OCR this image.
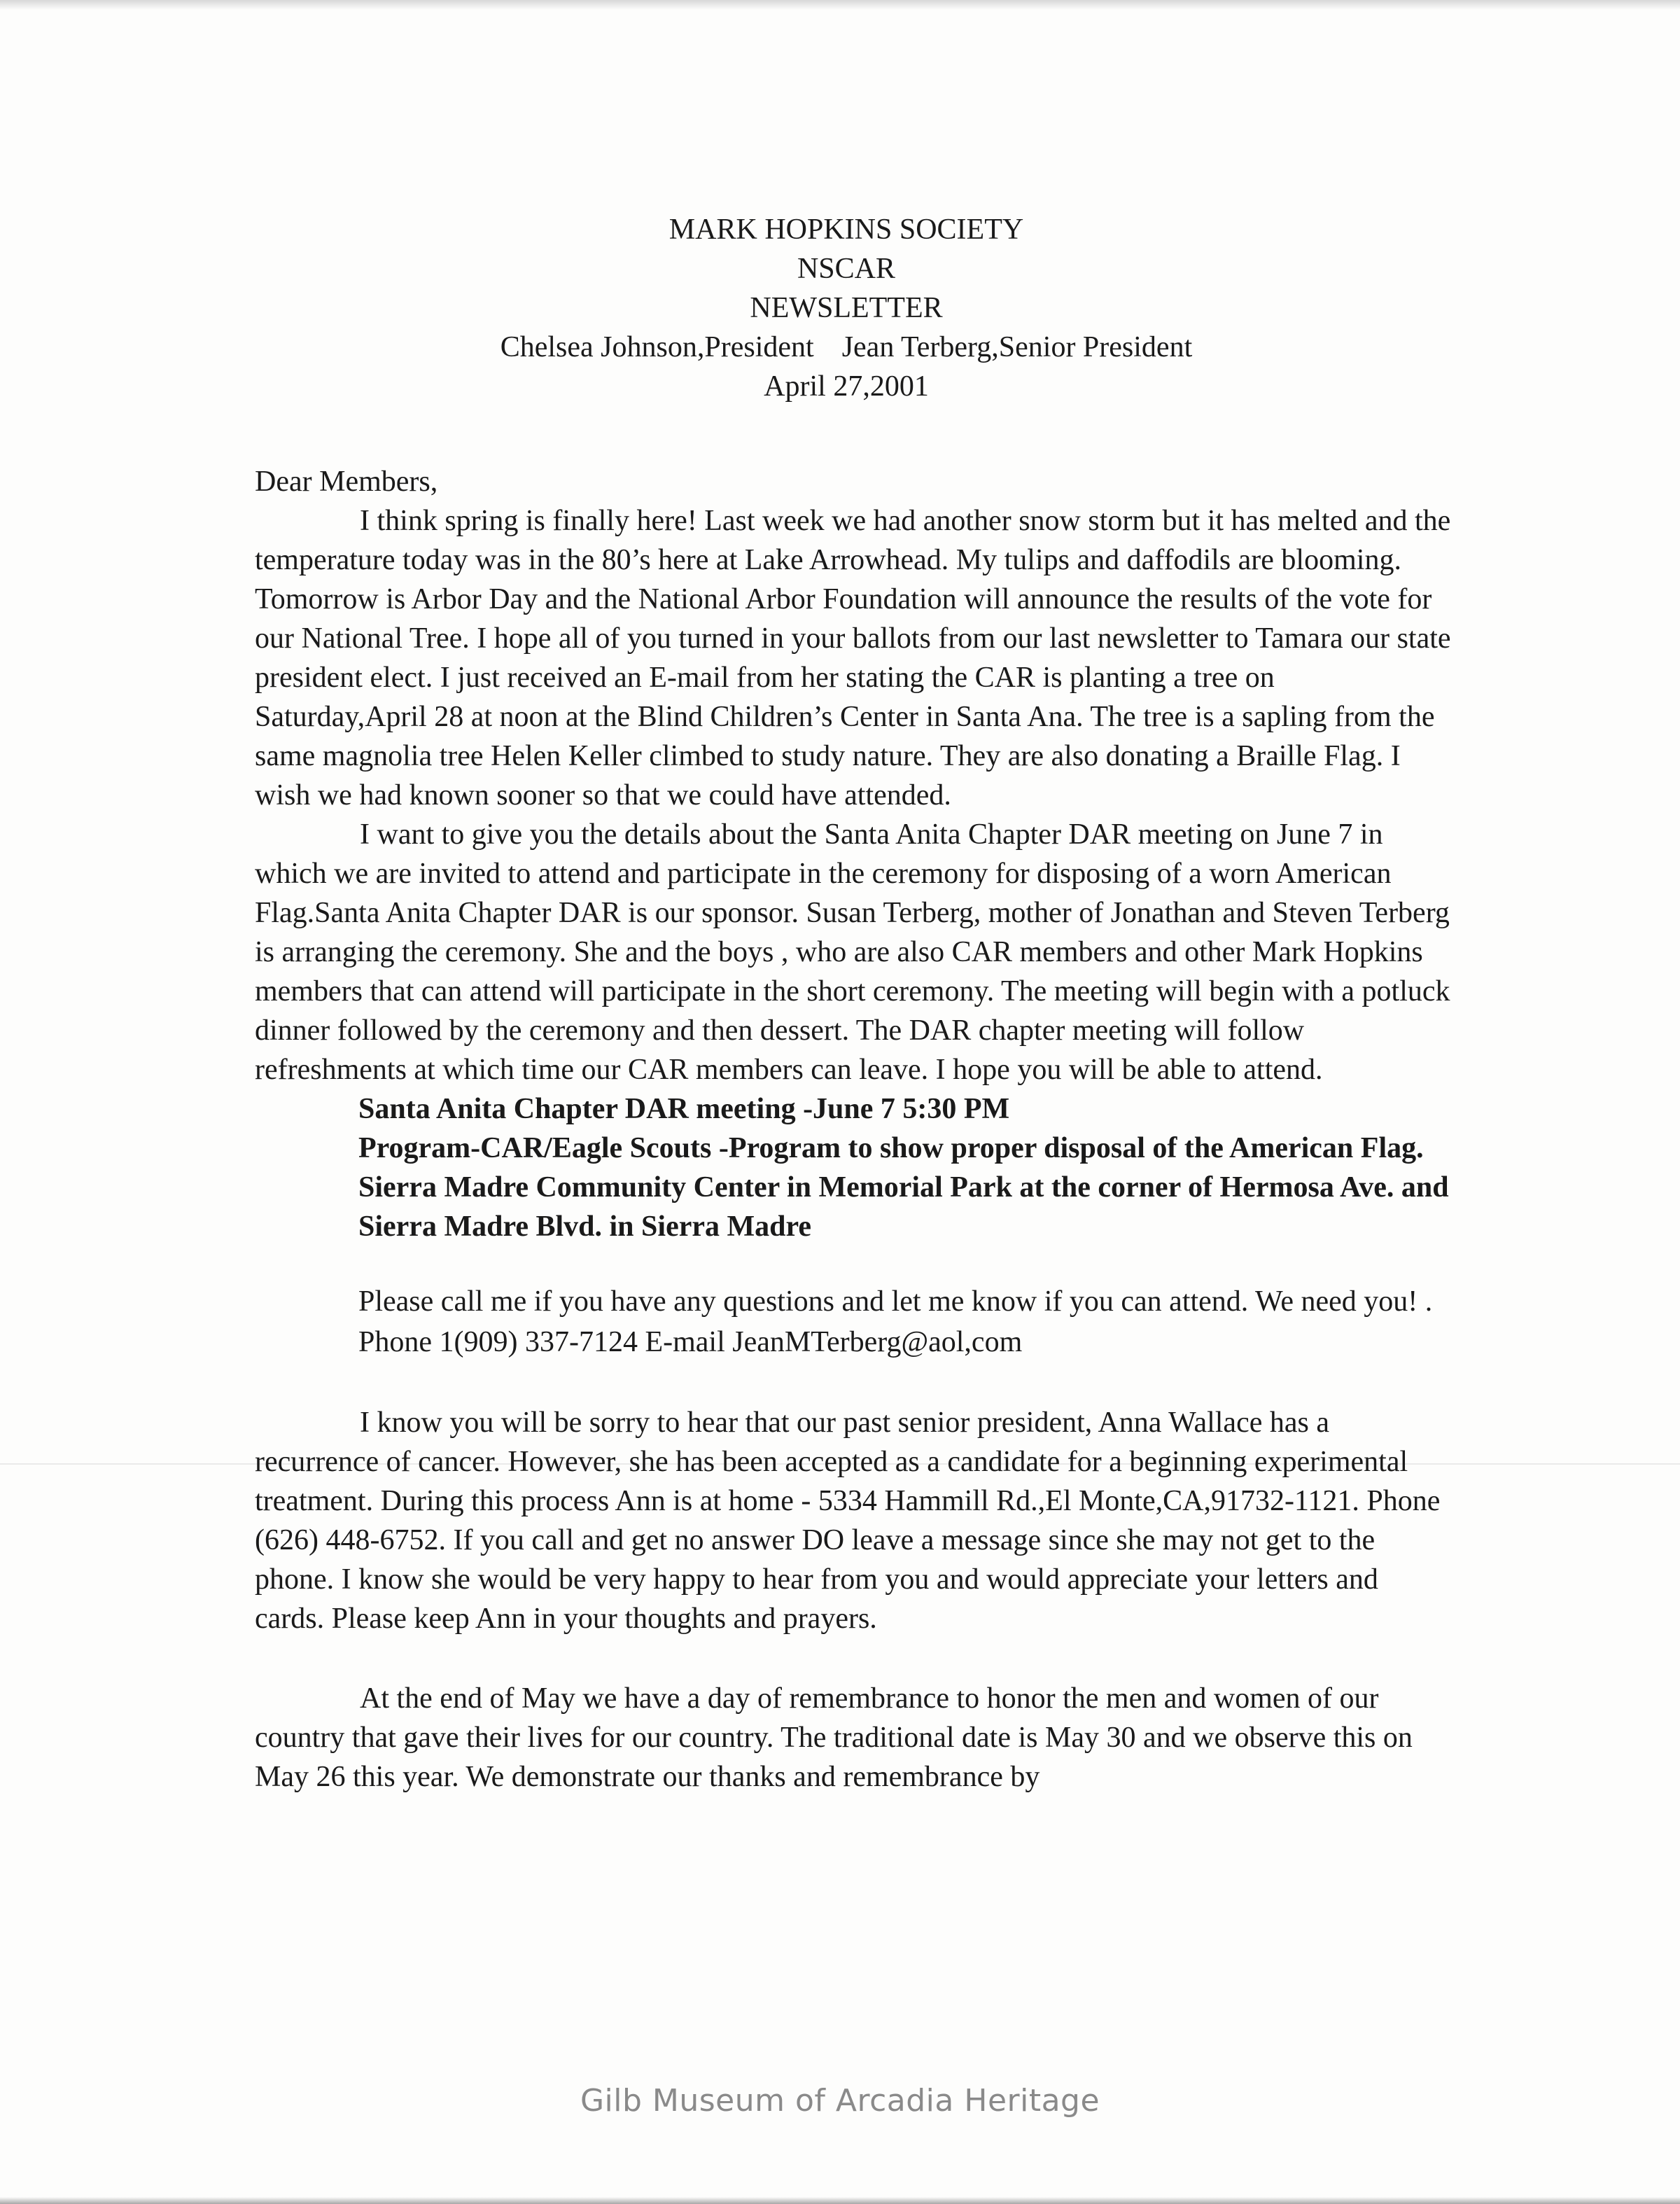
MARK HOPKINS SOCIETY
NSCAR
NEWSLETTER
Chelsea Johnson,President Jean Terberg,Senior President
April 27,2001
Dear Members,

I think spring is finally here! Last week we had another snow storm but it has melted and the temperature today was in the 80’s here at Lake Arrowhead. My tulips and daffodils are blooming. Tomorrow is Arbor Day and the National Arbor Foundation will announce the results of the vote for our National Tree. I hope all of you turned in your ballots from our last newsletter to Tamara our state president elect. I just received an E-mail from her stating the CAR is planting a tree on Saturday,April 28 at noon at the Blind Children’s Center in Santa Ana. The tree is a sapling from the same magnolia tree Helen Keller climbed to study nature. They are also donating a Braille Flag. I wish we had known sooner so that we could have attended.

I want to give you the details about the Santa Anita Chapter DAR meeting on June 7 in which we are invited to attend and participate in the ceremony for disposing of a worn American Flag.Santa Anita Chapter DAR is our sponsor. Susan Terberg, mother of Jonathan and Steven Terberg is arranging the ceremony. She and the boys , who are also CAR members and other Mark Hopkins members that can attend will participate in the short ceremony. The meeting will begin with a potluck dinner followed by the ceremony and then dessert. The DAR chapter meeting will follow refreshments at which time our CAR members can leave. I hope you will be able to attend.

Santa Anita Chapter DAR meeting -June 7 5:30 PM
Program-CAR/Eagle Scouts -Program to show proper disposal of the American Flag.
Sierra Madre Community Center in Memorial Park at the corner of Hermosa Ave. and Sierra Madre Blvd. in Sierra Madre
Please call me if you have any questions and let me know if you can attend. We need you! . Phone 1(909) 337-7124 E-mail JeanMTerberg@aol,com

I know you will be sorry to hear that our past senior president, Anna Wallace has a recurrence of cancer. However, she has been accepted as a candidate for a beginning experimental treatment. During this process Ann is at home - 5334 Hammill Rd.,El Monte,CA,91732-1121. Phone (626) 448-6752. If you call and get no answer DO leave a message since she may not get to the phone. I know she would be very happy to hear from you and would appreciate your letters and cards. Please keep Ann in your thoughts and prayers.

At the end of May we have a day of remembrance to honor the men and women of our country that gave their lives for our country. The traditional date is May 30 and we observe this on May 26 this year. We demonstrate our thanks and remembrance by

Gilb Museum of Arcadia Heritage
